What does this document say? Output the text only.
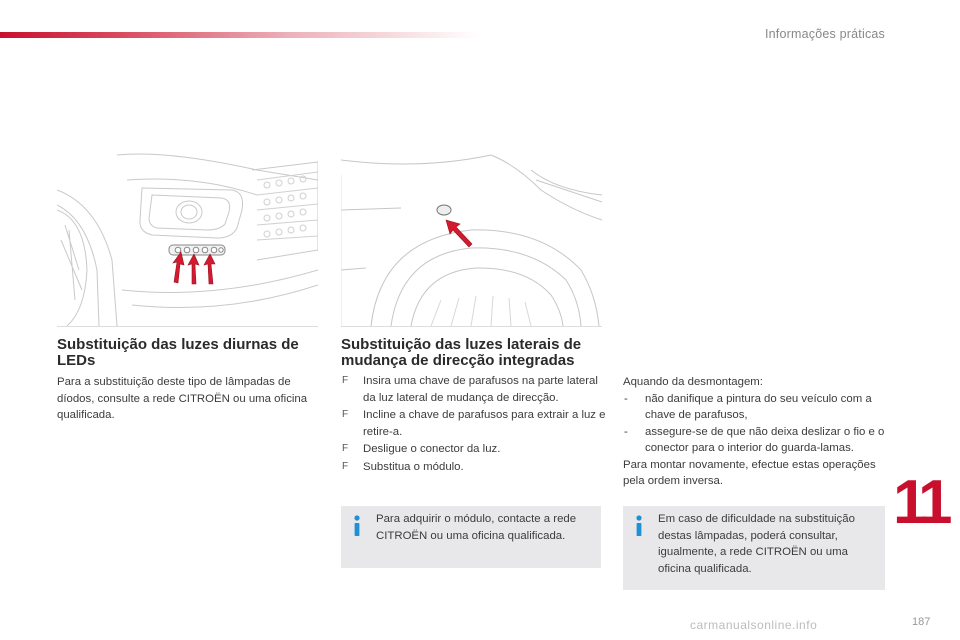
Informações práticas
Substituição das luzes diurnas de LEDs

Para a substituição deste tipo de lâmpadas de díodos, consulte a rede CITROËN ou uma oficina qualificada.

Substituição das luzes laterais de mudança de direcção integradas
F Insira uma chave de parafusos na parte lateral da luz lateral de mudança de direcção.
F Incline a chave de parafusos para extrair a luz e retire-a.
F Desligue o conector da luz.
F Substitua o módulo.
Aquando da desmontagem:
- não danifique a pintura do seu veículo com a chave de parafusos,
- assegure-se de que não deixa deslizar o fio e o conector para o interior do guarda-lamas.
Para montar novamente, efectue estas operações pela ordem inversa.
Para adquirir o módulo, contacte a rede CITROËN ou uma oficina qualificada.
Em caso de dificuldade na substituição destas lâmpadas, poderá consultar, igualmente, a rede CITROËN ou uma oficina qualificada.
11
carmanualsonline.info	187
